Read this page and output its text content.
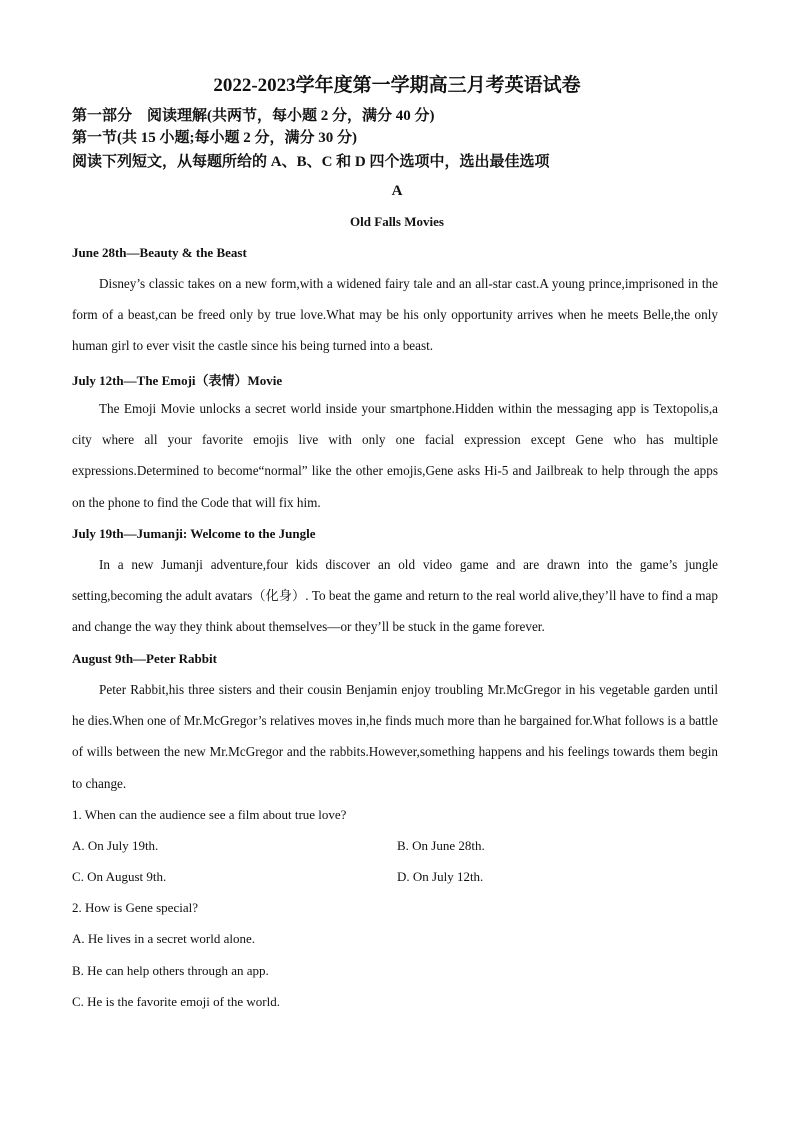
2022-2023学年度第一学期高三月考英语试卷
第一部分　阅读理解(共两节，每小题 2 分，满分 40 分)
第一节(共 15 小题;每小题 2 分，满分 30 分)
阅读下列短文，从每题所给的 A、B、C 和 D 四个选项中，选出最佳选项
A
Old Falls Movies
June 28th—Beauty & the Beast

Disney’s classic takes on a new form,with a widened fairy tale and an all-star cast.A young prince,imprisoned in the form of a beast,can be freed only by true love.What may be his only opportunity arrives when he meets Belle,the only human girl to ever visit the castle since his being turned into a beast.

July 12th—The Emoji（表情）Movie

The Emoji Movie unlocks a secret world inside your smartphone.Hidden within the messaging app is Textopolis,a city where all your favorite emojis live with only one facial expression except Gene who has multiple expressions.Determined to become“normal” like the other emojis,Gene asks Hi-5 and Jailbreak to help through the apps on the phone to find the Code that will fix him.

July 19th—Jumanji: Welcome to the Jungle

In a new Jumanji adventure,four kids discover an old video game and are drawn into the game’s jungle setting,becoming the adult avatars（化身）. To beat the game and return to the real world alive,they’ll have to find a map and change the way they think about themselves—or they’ll be stuck in the game forever.

August 9th—Peter Rabbit

Peter Rabbit,his three sisters and their cousin Benjamin enjoy troubling Mr.McGregor in his vegetable garden until he dies.When one of Mr.McGregor’s relatives moves in,he finds much more than he bargained for.What follows is a battle of wills between the new Mr.McGregor and the rabbits.However,something happens and his feelings towards them begin to change.

1. When can the audience see a film about true love?
A. On July 19th.	B. On June 28th.
C. On August 9th.	D. On July 12th.
2. How is Gene special?
A. He lives in a secret world alone.
B. He can help others through an app.
C. He is the favorite emoji of the world.
